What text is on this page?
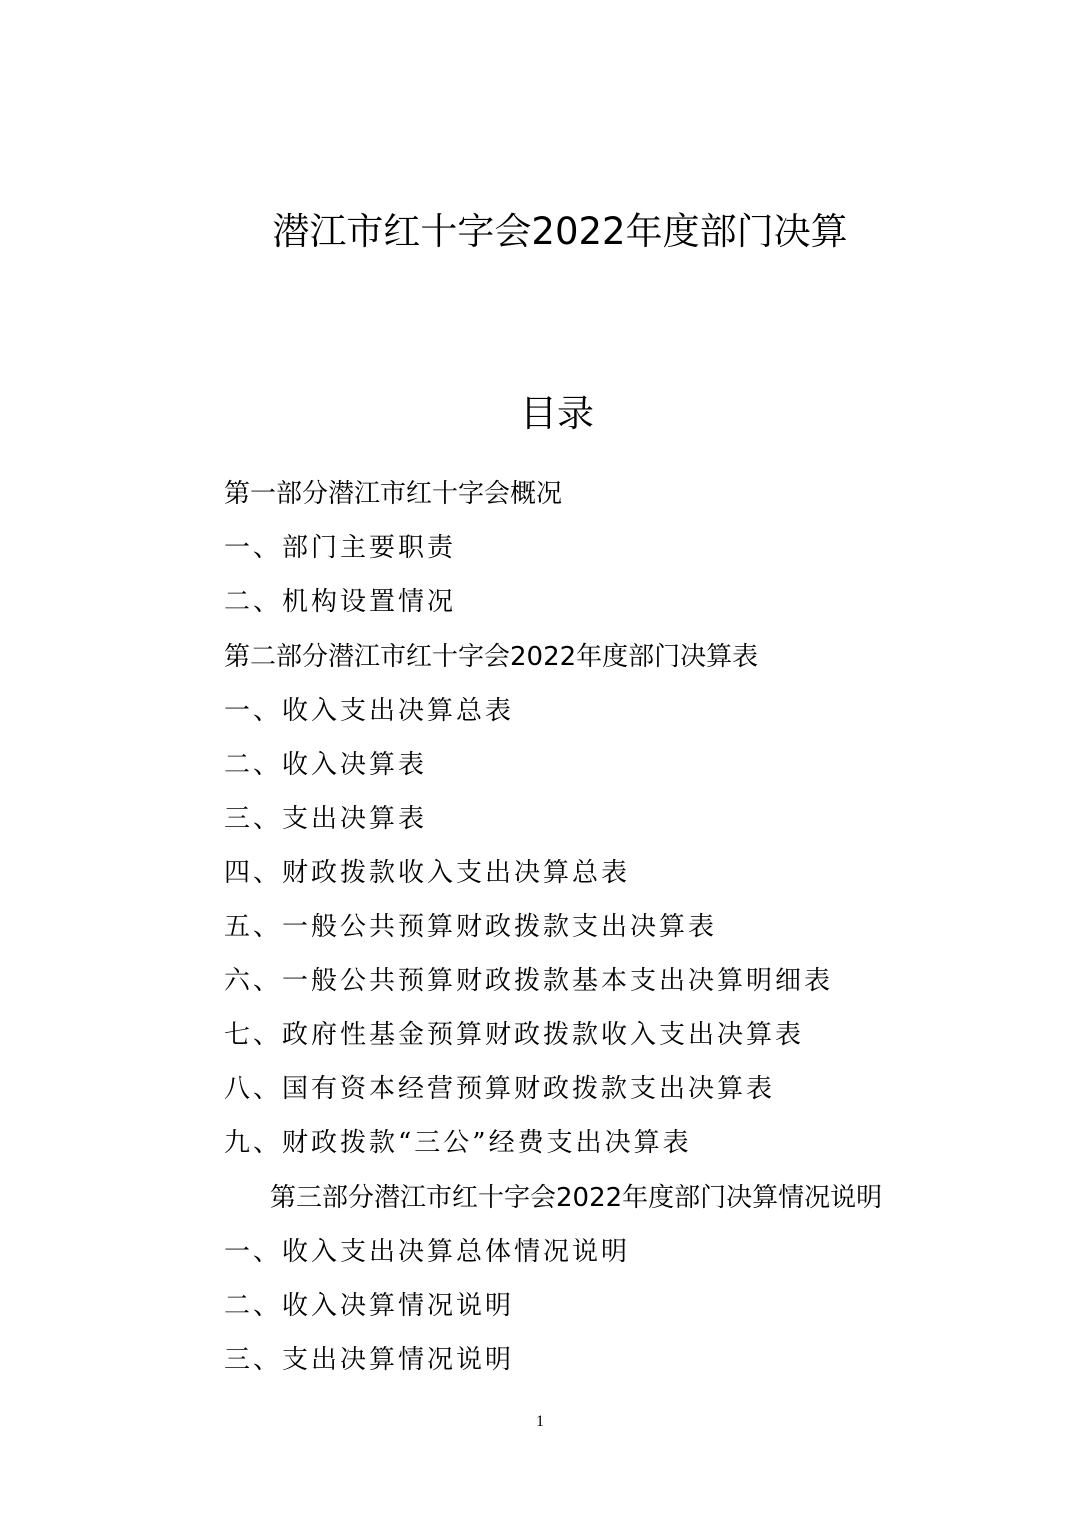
潜江市红十字会2022年度部门决算
目录
第一部分潜江市红十字会概况
一、部门主要职责
二、机构设置情况
第二部分潜江市红十字会2022年度部门决算表
一、收入支出决算总表
二、收入决算表
三、支出决算表
四、财政拨款收入支出决算总表
五、一般公共预算财政拨款支出决算表
六、一般公共预算财政拨款基本支出决算明细表
七、政府性基金预算财政拨款收入支出决算表
八、国有资本经营预算财政拨款支出决算表
九、财政拨款“三公”经费支出决算表
第三部分潜江市红十字会2022年度部门决算情况说明
一、收入支出决算总体情况说明
二、收入决算情况说明
三、支出决算情况说明
1
